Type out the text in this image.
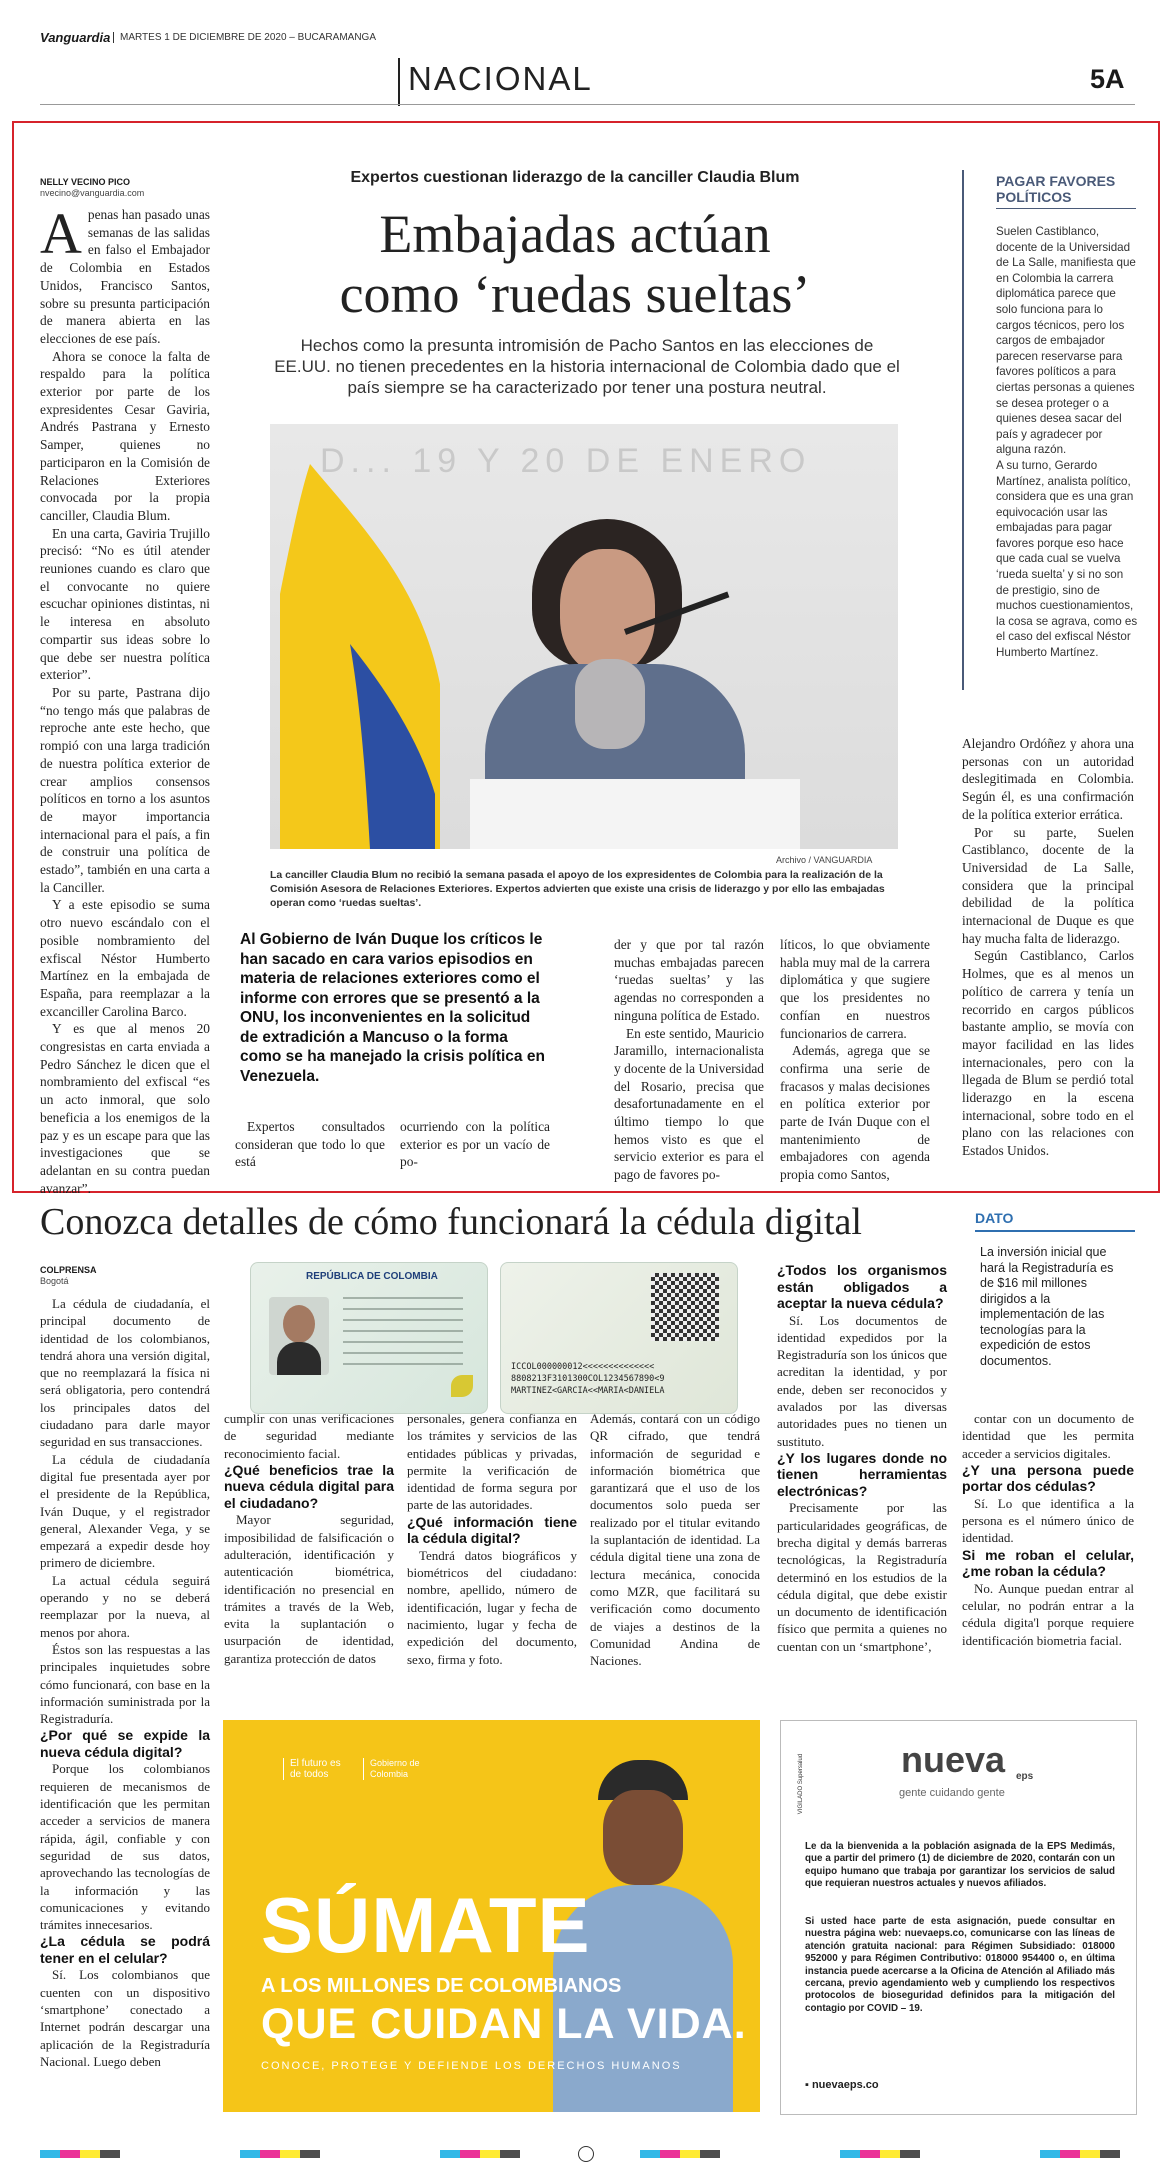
Vanguardia MARTES 1 DE DICIEMBRE DE 2020 – BUCARAMANGA
NACIONAL	5A
NELLY VECINO PICO
nvecino@vanguardia.com

Apenas han pasado unas semanas de las salidas en falso el Embajador de Colombia en Estados Unidos, Francisco Santos, sobre su presunta participación de manera abierta en las elecciones de ese país.

Ahora se conoce la falta de respaldo para la política exterior por parte de los expresidentes Cesar Gaviria, Andrés Pastrana y Ernesto Samper, quienes no participaron en la Comisión de Relaciones Exteriores convocada por la propia canciller, Claudia Blum.

En una carta, Gaviria Trujillo precisó: “No es útil atender reuniones cuando es claro que el convocante no quiere escuchar opiniones distintas, ni le interesa en absoluto compartir sus ideas sobre lo que debe ser nuestra política exterior”.

Por su parte, Pastrana dijo “no tengo más que palabras de reproche ante este hecho, que rompió con una larga tradición de nuestra política exterior de crear amplios consensos políticos en torno a los asuntos de mayor importancia internacional para el país, a fin de construir una política de estado”, también en una carta a la Canciller.

Y a este episodio se suma otro nuevo escándalo con el posible nombramiento del exfiscal Néstor Humberto Martínez en la embajada de España, para reemplazar a la excanciller Carolina Barco.

Y es que al menos 20 congresistas en carta enviada a Pedro Sánchez le dicen que el nombramiento del exfiscal “es un acto inmoral, que solo beneficia a los enemigos de la paz y es un escape para que las investigaciones que se adelantan en su contra puedan avanzar”.

Expertos cuestionan liderazgo de la canciller Claudia Blum
Embajadas actúan
como ‘ruedas sueltas’
Hechos como la presunta intromisión de Pacho Santos en las elecciones de EE.UU. no tienen precedentes en la historia internacional de Colombia dado que el país siempre se ha caracterizado por tener una postura neutral.
D... 19 Y 20 DE ENERO
Archivo / VANGUARDIA
La canciller Claudia Blum no recibió la semana pasada el apoyo de los expresidentes de Colombia para la realización de la Comisión Asesora de Relaciones Exteriores. Expertos advierten que existe una crisis de liderazgo y por ello las embajadas operan como ‘ruedas sueltas’.
Al Gobierno de Iván Duque los críticos le han sacado en cara varios episodios en materia de relaciones exteriores como el informe con errores que se presentó a la ONU, los inconvenientes en la solicitud de extradición a Mancuso o la forma como se ha manejado la crisis política en Venezuela.

Expertos consultados consideran que todo lo que está

ocurriendo con la política exterior es por un vacío de po-

der y que por tal razón muchas embajadas parecen ‘ruedas sueltas’ y las agendas no corresponden a ninguna política de Estado.

En este sentido, Mauricio Jaramillo, internacionalista y docente de la Universidad del Rosario, precisa que desafortunadamente en el último tiempo lo que hemos visto es que el servicio exterior es para el pago de favores po-

líticos, lo que obviamente habla muy mal de la carrera diplomática y que sugiere que los presidentes no confían en nuestros funcionarios de carrera.

Además, agrega que se confirma una serie de fracasos y malas decisiones en política exterior por parte de Iván Duque con el mantenimiento de embajadores con agenda propia como Santos,

Alejandro Ordóñez y ahora una personas con un autoridad deslegitimada en Colombia. Según él, es una confirmación de la política exterior errática.

Por su parte, Suelen Castiblanco, docente de la Universidad de La Salle, considera que la principal debilidad de la política internacional de Duque es que hay mucha falta de liderazgo.

Según Castiblanco, Carlos Holmes, que es al menos un político de carrera y tenía un recorrido en cargos públicos bastante amplio, se movía con mayor facilidad en las lides internacionales, pero con la llegada de Blum se perdió total liderazgo en la escena internacional, sobre todo en el plano con las relaciones con Estados Unidos.

PAGAR FAVORES POLÍTICOS
Suelen Castiblanco, docente de la Universidad de La Salle, manifiesta que en Colombia la carrera diplomática parece que solo funciona para lo cargos técnicos, pero los cargos de embajador parecen reservarse para favores políticos a para ciertas personas a quienes se desea proteger o a quienes desea sacar del país y agradecer por alguna razón.
A su turno, Gerardo Martínez, analista político, considera que es una gran equivocación usar las embajadas para pagar favores porque eso hace que cada cual se vuelva ‘rueda suelta’ y si no son de prestigio, sino de muchos cuestionamientos, la cosa se agrava, como es el caso del exfiscal Néstor Humberto Martínez.
Conozca detalles de cómo funcionará la cédula digital
COLPRENSA
Bogotá

La cédula de ciudadanía, el principal documento de identidad de los colombianos, tendrá ahora una versión digital, que no reemplazará la física ni será obligatoria, pero contendrá los principales datos del ciudadano para darle mayor seguridad en sus transacciones.

La cédula de ciudadanía digital fue presentada ayer por el presidente de la República, Iván Duque, y el registrador general, Alexander Vega, y se empezará a expedir desde hoy primero de diciembre.

La actual cédula seguirá operando y no se deberá reemplazar por la nueva, al menos por ahora.

Éstos son las respuestas a las principales inquietudes sobre cómo funcionará, con base en la información suministrada por la Registraduría.

¿Por qué se expide la nueva cédula digital?

Porque los colombianos requieren de mecanismos de identificación que les permitan acceder a servicios de manera rápida, ágil, confiable y con seguridad de sus datos, aprovechando las tecnologías de la información y las comunicaciones y evitando trámites innecesarios.

¿La cédula se podrá tener en el celular?

Sí. Los colombianos que cuenten con un dispositivo ‘smartphone’ conectado a Internet podrán descargar una aplicación de la Registraduría Nacional. Luego deben

REPÚBLICA DE COLOMBIA
ICCOL000000012<<<<<<<<<<<<<<
8808213F3101300COL1234567890<9
MARTINEZ<GARCIA<<MARIA<DANIELA

cumplir con unas verificaciones de seguridad mediante reconocimiento facial.

¿Qué beneficios trae la nueva cédula digital para el ciudadano?

Mayor seguridad, imposibilidad de falsificación o adulteración, identificación y autenticación biométrica, identificación no presencial en trámites a través de la Web, evita la suplantación o usurpación de identidad, garantiza protección de datos

personales, genera confianza en los trámites y servicios de las entidades públicas y privadas, permite la verificación de identidad de forma segura por parte de las autoridades.

¿Qué información tiene la cédula digital?

Tendrá datos biográficos y biométricos del ciudadano: nombre, apellido, número de identificación, lugar y fecha de nacimiento, lugar y fecha de expedición del documento, sexo, firma y foto.

Además, contará con un código QR cifrado, que tendrá información de seguridad e información biométrica que garantizará que el uso de los documentos solo pueda ser realizado por el titular evitando la suplantación de identidad. La cédula digital tiene una zona de lectura mecánica, conocida como MZR, que facilitará su verificación como documento de viajes a destinos de la Comunidad Andina de Naciones.

¿Todos los organismos están obligados a aceptar la nueva cédula?

Sí. Los documentos de identidad expedidos por la Registraduría son los únicos que acreditan la identidad, y por ende, deben ser reconocidos y avalados por las diversas autoridades pues no tienen un sustituto.

¿Y los lugares donde no tienen herramientas electrónicas?

Precisamente por las particularidades geográficas, de brecha digital y demás barreras tecnológicas, la Registraduría determinó en los estudios de la cédula digital, que debe existir un documento de identificación físico que permita a quienes no cuentan con un ‘smartphone’,

contar con un documento de identidad que les permita acceder a servicios digitales.

¿Y una persona puede portar dos cédulas?

Sí. Lo que identifica a la persona es el número único de identidad.

Si me roban el celular, ¿me roban la cédula?

No. Aunque puedan entrar al celular, no podrán entrar a la cédula digita'l porque requiere identificación biometria facial.

DATO
La inversión inicial que hará la Registraduría es de $16 mil millones dirigidos a la implementación de las tecnologías para la expedición de estos documentos.
El futuro es de todos
Gobierno de Colombia
SÚMATE
A LOS MILLONES DE COLOMBIANOS
QUE CUIDAN LA VIDA.
CONOCE, PROTEGE Y DEFIENDE LOS DERECHOS HUMANOS
VIGILADO Supersalud	nueva eps
gente cuidando gente
Le da la bienvenida a la población asignada de la EPS Medimás, que a partir del primero (1) de diciembre de 2020, contarán con un equipo humano que trabaja por garantizar los servicios de salud que requieran nuestros actuales y nuevos afiliados.
Si usted hace parte de esta asignación, puede consultar en nuestra página web: nuevaeps.co, comunicarse con las líneas de atención gratuita nacional: para Régimen Subsidiado: 018000 952000 y para Régimen Contributivo: 018000 954400 o, en última instancia puede acercarse a la Oficina de Atención al Afiliado más cercana, previo agendamiento web y cumpliendo los respectivos protocolos de bioseguridad definidos para la mitigación del contagio por COVID – 19.
▪ nuevaeps.co
